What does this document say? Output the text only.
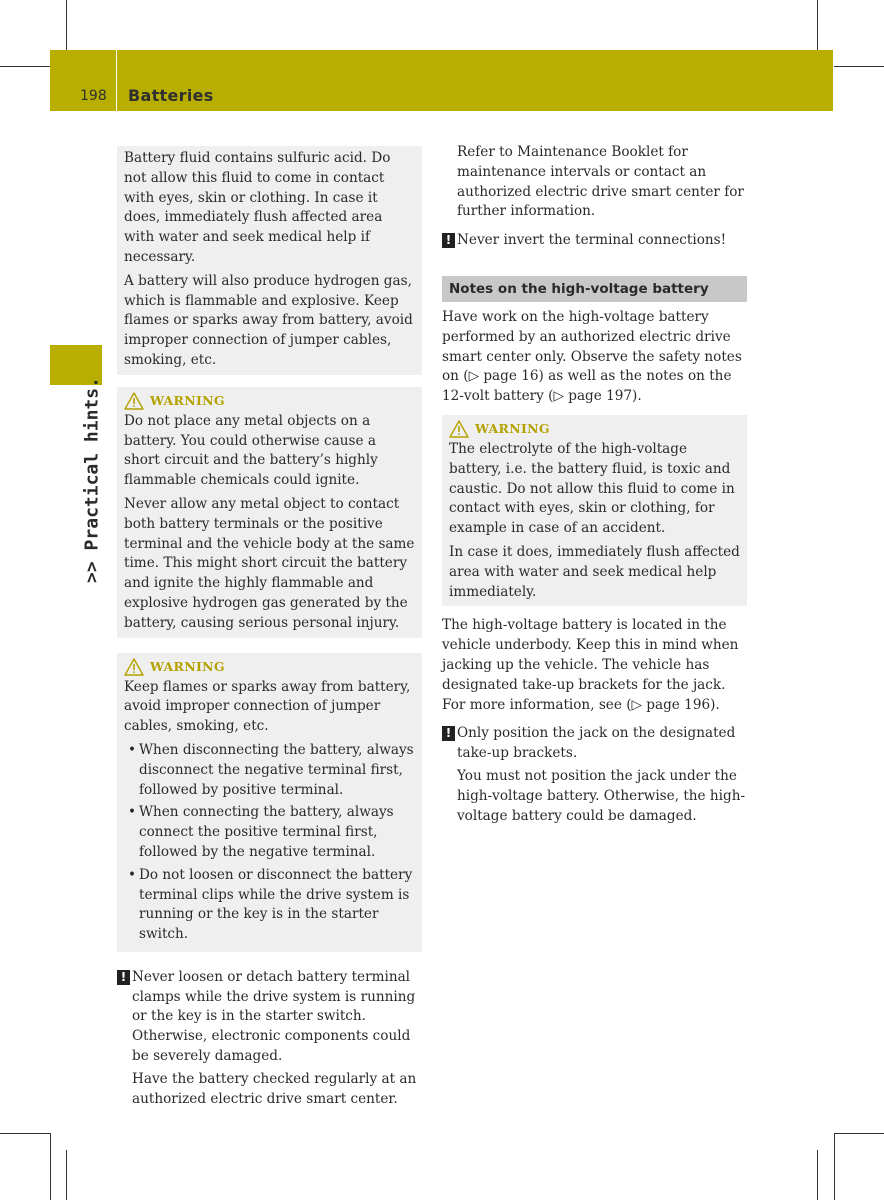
198 Batteries
>> Practical hints.

Battery fluid contains sulfuric acid. Do not allow this fluid to come in contact with eyes, skin or clothing. In case it does, immediately flush affected area with water and seek medical help if necessary.

A battery will also produce hydrogen gas, which is flammable and explosive. Keep flames or sparks away from battery, avoid improper connection of jumper cables, smoking, etc.

WARNING

Do not place any metal objects on a battery. You could otherwise cause a short circuit and the battery’s highly flammable chemicals could ignite.

Never allow any metal object to contact both battery terminals or the positive terminal and the vehicle body at the same time. This might short circuit the battery and ignite the highly flammable and explosive hydrogen gas generated by the battery, causing serious personal injury.

WARNING

Keep flames or sparks away from battery, avoid improper connection of jumper cables, smoking, etc.

• When disconnecting the battery, always disconnect the negative terminal first, followed by positive terminal.
• When connecting the battery, always connect the positive terminal first, followed by the negative terminal.
• Do not loosen or disconnect the battery terminal clips while the drive system is running or the key is in the starter switch.
! Never loosen or detach battery terminal clamps while the drive system is running or the key is in the starter switch. Otherwise, electronic components could be severely damaged.

Have the battery checked regularly at an authorized electric drive smart center.

Refer to Maintenance Booklet for maintenance intervals or contact an authorized electric drive smart center for further information.

! Never invert the terminal connections!

Notes on the high-voltage battery

Have work on the high-voltage battery performed by an authorized electric drive smart center only. Observe the safety notes on (▷ page 16) as well as the notes on the 12-volt battery (▷ page 197).

WARNING

The electrolyte of the high-voltage battery, i.e. the battery fluid, is toxic and caustic. Do not allow this fluid to come in contact with eyes, skin or clothing, for example in case of an accident.

In case it does, immediately flush affected area with water and seek medical help immediately.

The high-voltage battery is located in the vehicle underbody. Keep this in mind when jacking up the vehicle. The vehicle has designated take-up brackets for the jack. For more information, see (▷ page 196).

! Only position the jack on the designated take-up brackets.

You must not position the jack under the high-voltage battery. Otherwise, the high-voltage battery could be damaged.
